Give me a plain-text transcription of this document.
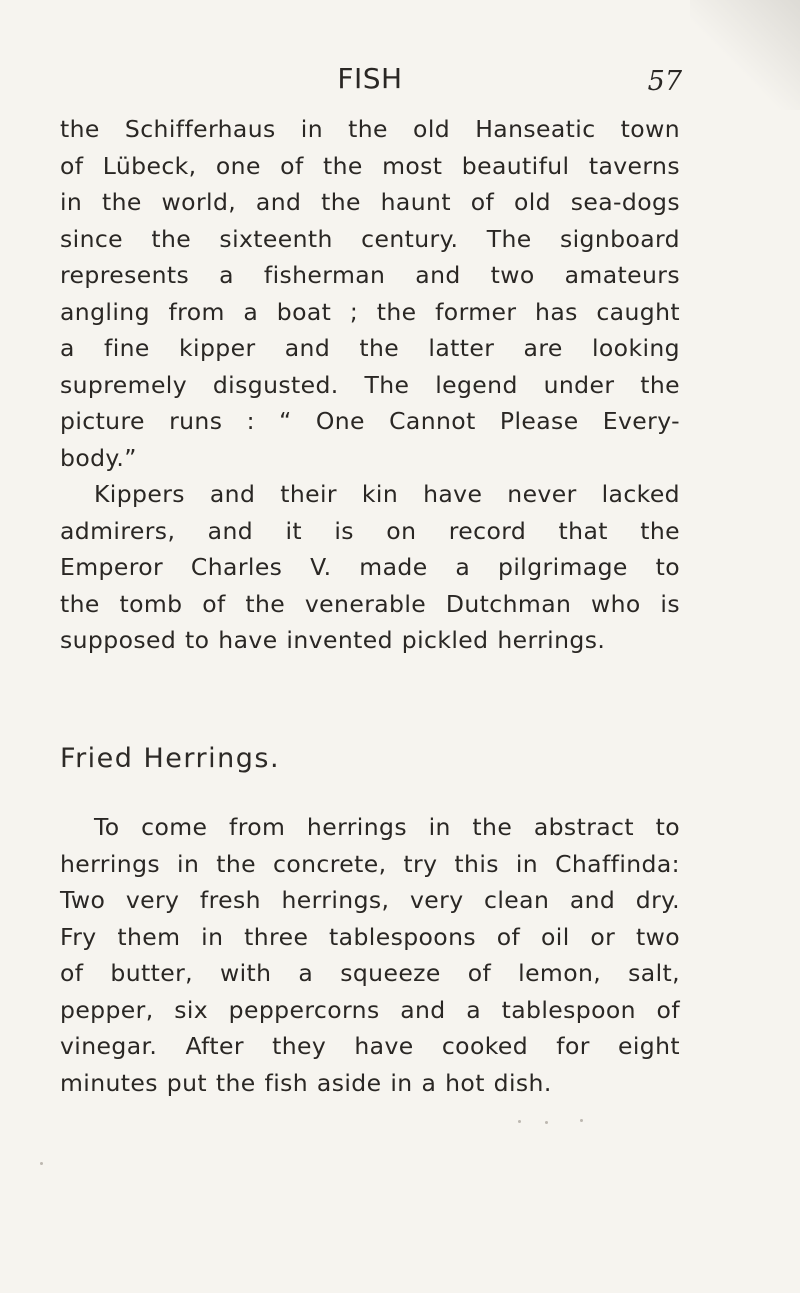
FISH	57
the Schifferhaus in the old Hanseatic town
of Lübeck, one of the most beautiful taverns
in the world, and the haunt of old sea-dogs
since the sixteenth century. The signboard
represents a fisherman and two amateurs
angling from a boat ; the former has caught
a fine kipper and the latter are looking
supremely disgusted. The legend under the
picture runs : “ One Cannot Please Every-
body.”
Kippers and their kin have never lacked
admirers, and it is on record that the
Emperor Charles V. made a pilgrimage to
the tomb of the venerable Dutchman who is
supposed to have invented pickled herrings.
Fried Herrings.
To come from herrings in the abstract to
herrings in the concrete, try this in Chaffinda:
Two very fresh herrings, very clean and dry.
Fry them in three tablespoons of oil or two
of butter, with a squeeze of lemon, salt,
pepper, six peppercorns and a tablespoon of
vinegar. After they have cooked for eight
minutes put the fish aside in a hot dish.
